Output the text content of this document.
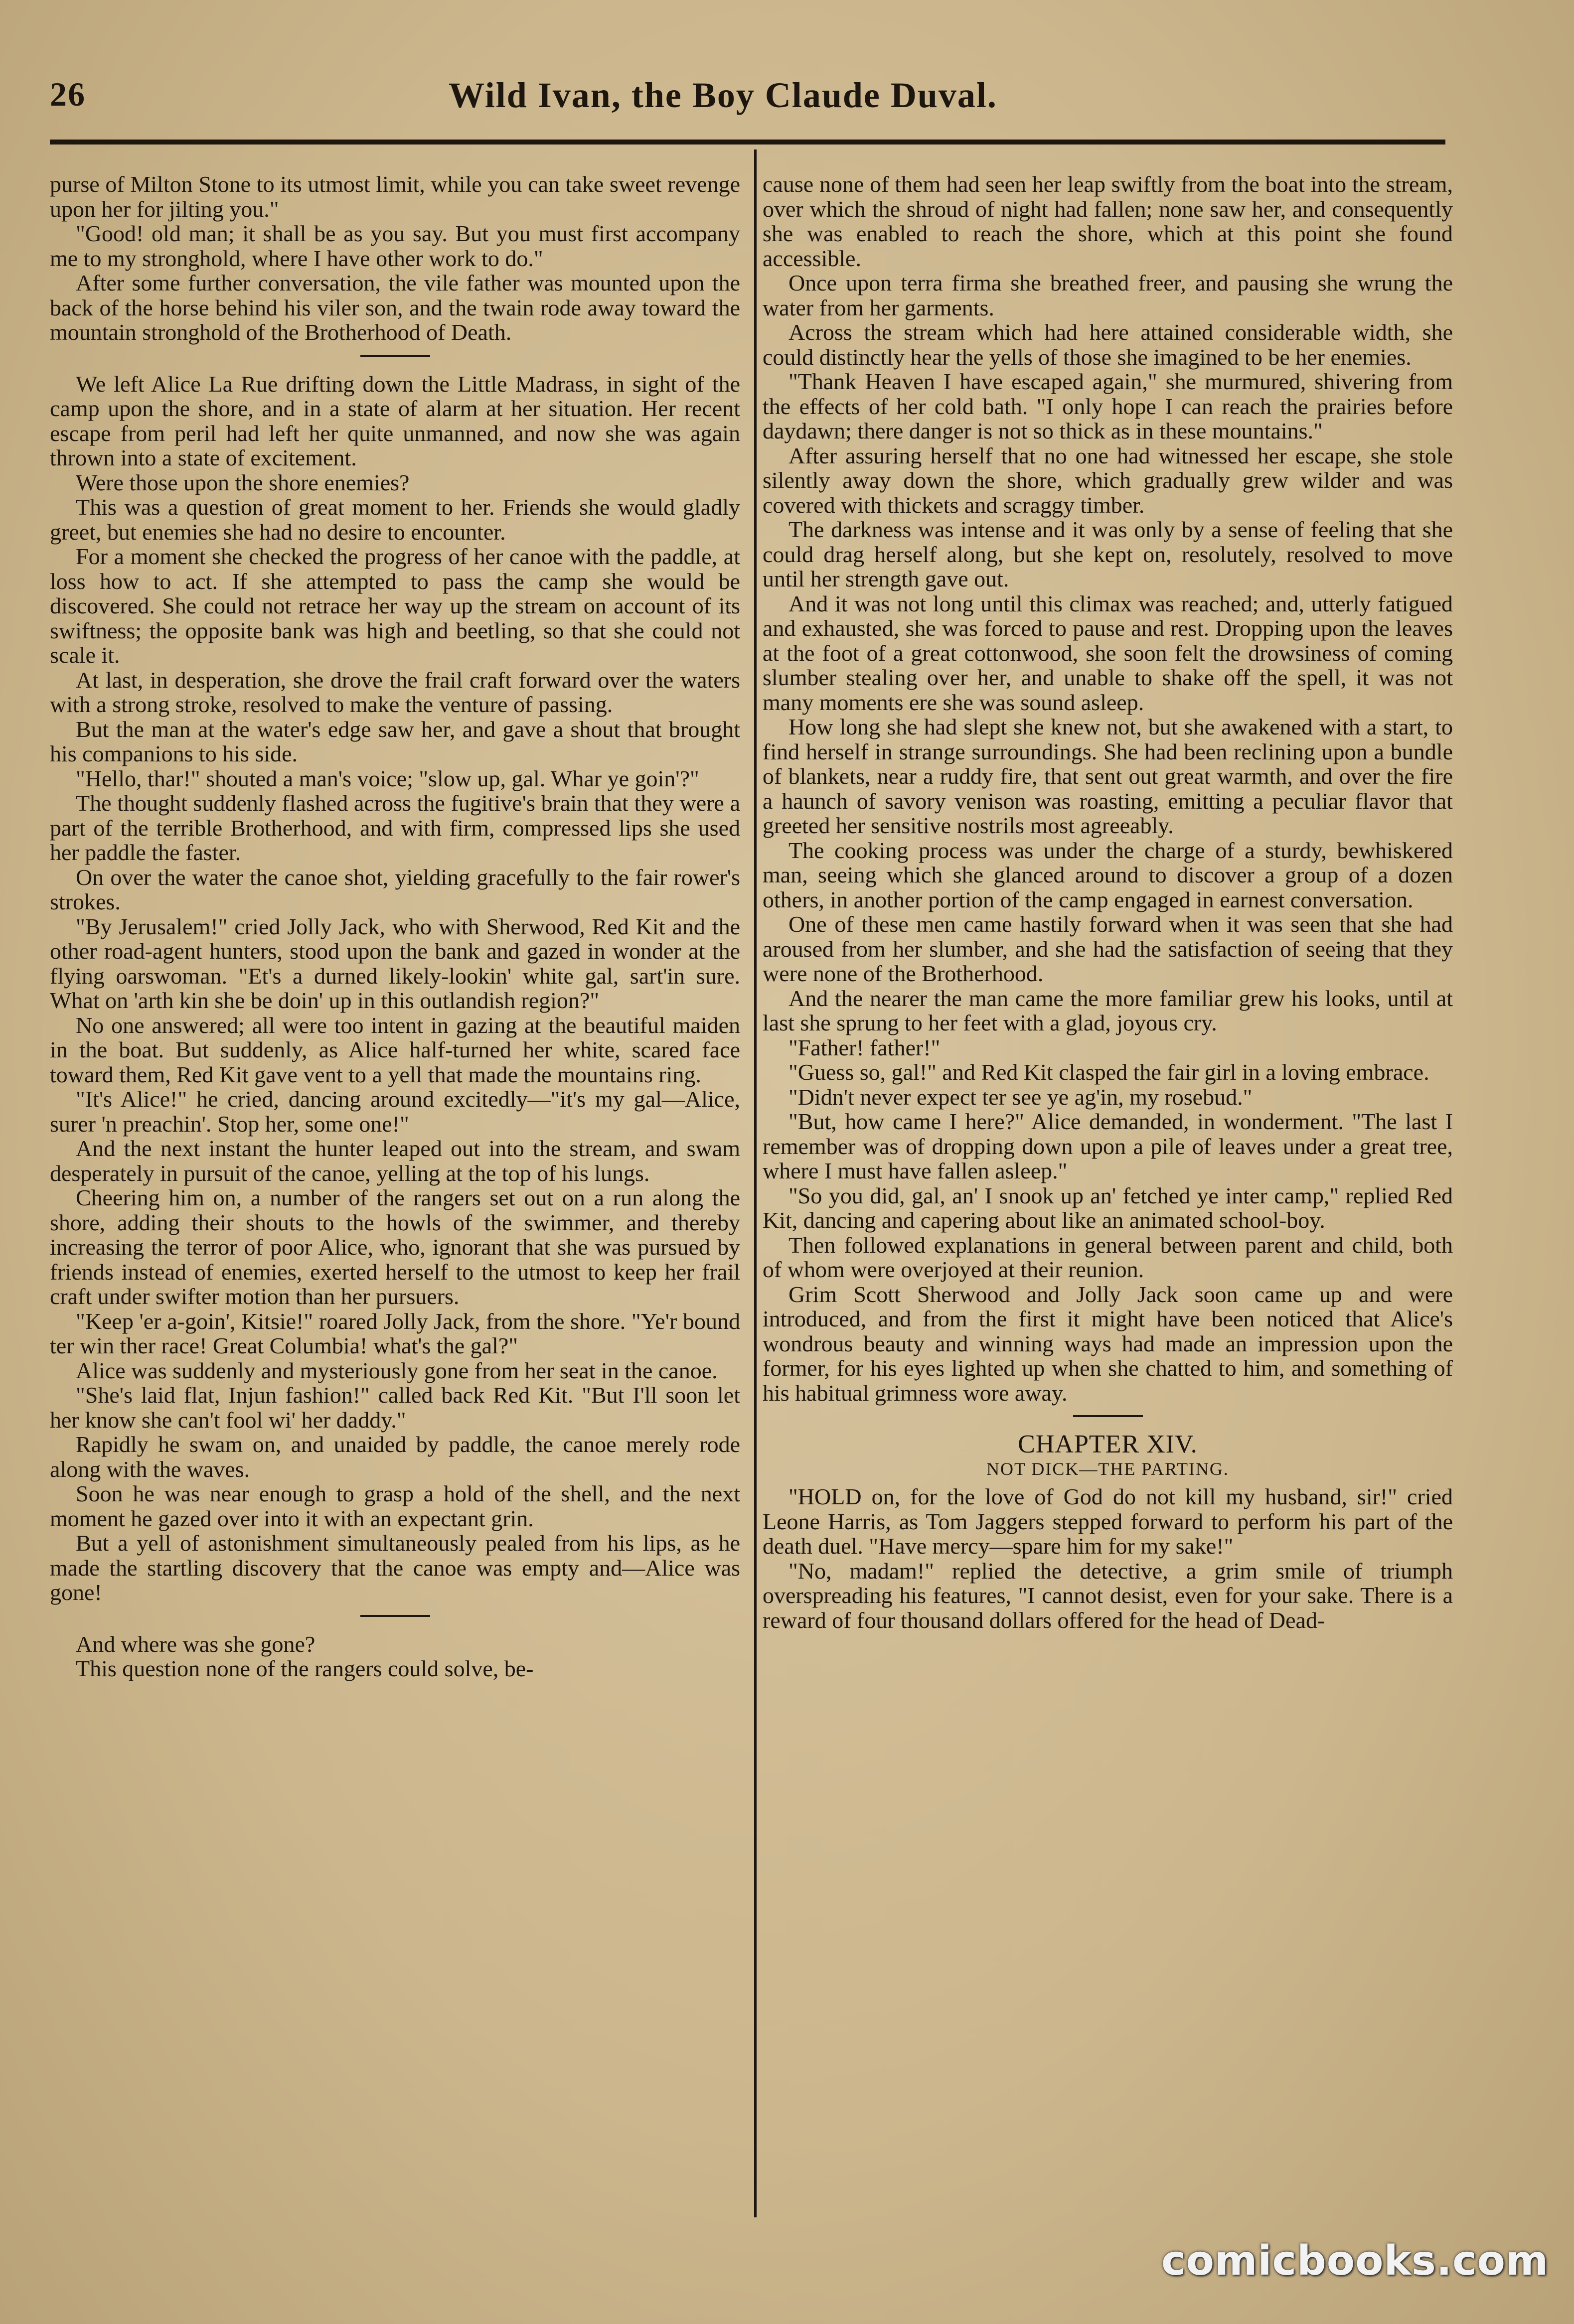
26	Wild Ivan, the Boy Claude Duval.

purse of Milton Stone to its utmost limit, while you can take sweet revenge upon her for jilting you."

"Good! old man; it shall be as you say. But you must first accompany me to my stronghold, where I have other work to do."

After some further conversation, the vile father was mounted upon the back of the horse behind his viler son, and the twain rode away toward the mountain stronghold of the Brotherhood of Death.

We left Alice La Rue drifting down the Little Madrass, in sight of the camp upon the shore, and in a state of alarm at her situation. Her recent escape from peril had left her quite unmanned, and now she was again thrown into a state of excitement.

Were those upon the shore enemies?

This was a question of great moment to her. Friends she would gladly greet, but enemies she had no desire to encounter.

For a moment she checked the progress of her canoe with the paddle, at loss how to act. If she attempted to pass the camp she would be discovered. She could not retrace her way up the stream on account of its swiftness; the opposite bank was high and beetling, so that she could not scale it.

At last, in desperation, she drove the frail craft forward over the waters with a strong stroke, resolved to make the venture of passing.

But the man at the water's edge saw her, and gave a shout that brought his companions to his side.

"Hello, thar!" shouted a man's voice; "slow up, gal. Whar ye goin'?"

The thought suddenly flashed across the fugitive's brain that they were a part of the terrible Brotherhood, and with firm, compressed lips she used her paddle the faster.

On over the water the canoe shot, yielding gracefully to the fair rower's strokes.

"By Jerusalem!" cried Jolly Jack, who with Sherwood, Red Kit and the other road-agent hunters, stood upon the bank and gazed in wonder at the flying oarswoman. "Et's a durned likely-lookin' white gal, sart'in sure. What on 'arth kin she be doin' up in this outlandish region?"

No one answered; all were too intent in gazing at the beautiful maiden in the boat. But suddenly, as Alice half-turned her white, scared face toward them, Red Kit gave vent to a yell that made the mountains ring.

"It's Alice!" he cried, dancing around excitedly—"it's my gal—Alice, surer 'n preachin'. Stop her, some one!"

And the next instant the hunter leaped out into the stream, and swam desperately in pursuit of the canoe, yelling at the top of his lungs.

Cheering him on, a number of the rangers set out on a run along the shore, adding their shouts to the howls of the swimmer, and thereby increasing the terror of poor Alice, who, ignorant that she was pursued by friends instead of enemies, exerted herself to the utmost to keep her frail craft under swifter motion than her pursuers.

"Keep 'er a-goin', Kitsie!" roared Jolly Jack, from the shore. "Ye'r bound ter win ther race! Great Columbia! what's the gal?"

Alice was suddenly and mysteriously gone from her seat in the canoe.

"She's laid flat, Injun fashion!" called back Red Kit. "But I'll soon let her know she can't fool wi' her daddy."

Rapidly he swam on, and unaided by paddle, the canoe merely rode along with the waves.

Soon he was near enough to grasp a hold of the shell, and the next moment he gazed over into it with an expectant grin.

But a yell of astonishment simultaneously pealed from his lips, as he made the startling discovery that the canoe was empty and—Alice was gone!

And where was she gone?

This question none of the rangers could solve, be-

cause none of them had seen her leap swiftly from the boat into the stream, over which the shroud of night had fallen; none saw her, and consequently she was enabled to reach the shore, which at this point she found accessible.

Once upon terra firma she breathed freer, and pausing she wrung the water from her garments.

Across the stream which had here attained considerable width, she could distinctly hear the yells of those she imagined to be her enemies.

"Thank Heaven I have escaped again," she murmured, shivering from the effects of her cold bath. "I only hope I can reach the prairies before daydawn; there danger is not so thick as in these mountains."

After assuring herself that no one had witnessed her escape, she stole silently away down the shore, which gradually grew wilder and was covered with thickets and scraggy timber.

The darkness was intense and it was only by a sense of feeling that she could drag herself along, but she kept on, resolutely, resolved to move until her strength gave out.

And it was not long until this climax was reached; and, utterly fatigued and exhausted, she was forced to pause and rest. Dropping upon the leaves at the foot of a great cottonwood, she soon felt the drowsiness of coming slumber stealing over her, and unable to shake off the spell, it was not many moments ere she was sound asleep.

How long she had slept she knew not, but she awakened with a start, to find herself in strange surroundings. She had been reclining upon a bundle of blankets, near a ruddy fire, that sent out great warmth, and over the fire a haunch of savory venison was roasting, emitting a peculiar flavor that greeted her sensitive nostrils most agreeably.

The cooking process was under the charge of a sturdy, bewhiskered man, seeing which she glanced around to discover a group of a dozen others, in another portion of the camp engaged in earnest conversation.

One of these men came hastily forward when it was seen that she had aroused from her slumber, and she had the satisfaction of seeing that they were none of the Brotherhood.

And the nearer the man came the more familiar grew his looks, until at last she sprung to her feet with a glad, joyous cry.

"Father! father!"

"Guess so, gal!" and Red Kit clasped the fair girl in a loving embrace.

"Didn't never expect ter see ye ag'in, my rosebud."

"But, how came I here?" Alice demanded, in wonderment. "The last I remember was of dropping down upon a pile of leaves under a great tree, where I must have fallen asleep."

"So you did, gal, an' I snook up an' fetched ye inter camp," replied Red Kit, dancing and capering about like an animated school-boy.

Then followed explanations in general between parent and child, both of whom were overjoyed at their reunion.

Grim Scott Sherwood and Jolly Jack soon came up and were introduced, and from the first it might have been noticed that Alice's wondrous beauty and winning ways had made an impression upon the former, for his eyes lighted up when she chatted to him, and something of his habitual grimness wore away.

CHAPTER XIV.
NOT DICK—THE PARTING.

"HOLD on, for the love of God do not kill my husband, sir!" cried Leone Harris, as Tom Jaggers stepped forward to perform his part of the death duel. "Have mercy—spare him for my sake!"

"No, madam!" replied the detective, a grim smile of triumph overspreading his features, "I cannot desist, even for your sake. There is a reward of four thousand dollars offered for the head of Dead-

comicbooks.com
